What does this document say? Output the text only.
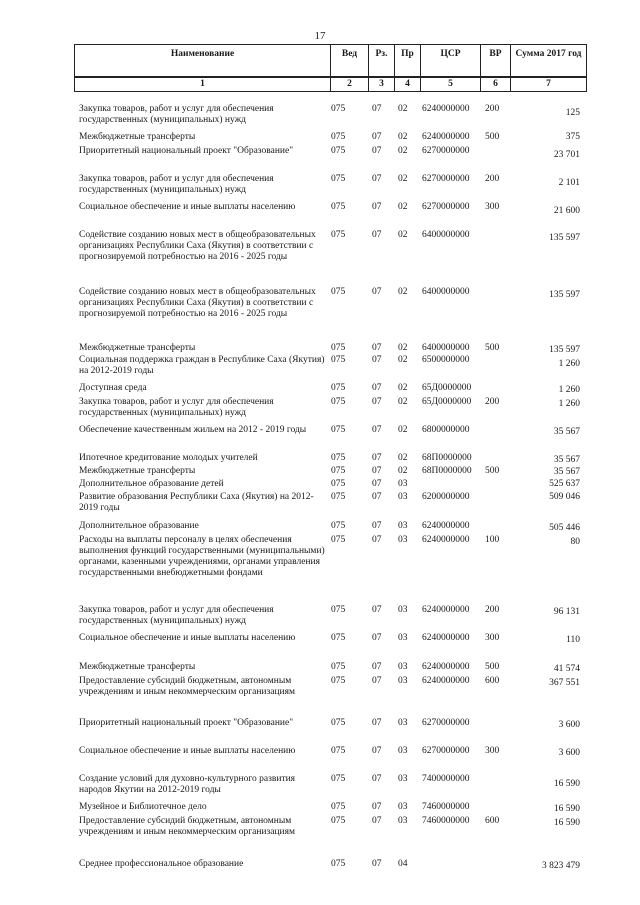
17
Наименование	Вед	Рз.	Пр	ЦСР	ВР	Сумма 2017 год
1	2	3	4	5	6	7
Закупка товаров, работ и услуг для обеспечения государственных (муниципальных) нужд
075	07 02 6240000000 200	125
Межбюджетные трансферты	075	07 02 6240000000 500	375
Приоритетный национальный проект "Образование"	075	07 02 6270000000	23 701
Закупка товаров, работ и услуг для обеспечения государственных (муниципальных) нужд
075	07 02 6270000000 200	2 101
Социальное обеспечение и иные выплаты населению	075	07 02 6270000000 300	21 600
Содействие созданию новых мест в общеобразовательных организациях Республики Саха (Якутия) в соответствии с прогнозируемой потребностью на 2016 - 2025 годы
075	07 02 6400000000	135 597
Содействие созданию новых мест в общеобразовательных организациях Республики Саха (Якутия) в соответствии с прогнозируемой потребностью на 2016 - 2025 годы
075	07 02 6400000000	135 597
Межбюджетные трансферты	075	07 02 6400000000 500	135 597
Социальная поддержка граждан в Республике Саха (Якутия) на 2012-2019 годы
075	07 02 6500000000	1 260
Доступная среда	075	07 02 65Д0000000	1 260
Закупка товаров, работ и услуг для обеспечения государственных (муниципальных) нужд
075	07 02 65Д0000000 200	1 260
Обеспечение качественным жильем на 2012 - 2019 годы	075	07 02 6800000000	35 567
Ипотечное кредитование молодых учителей	075	07 02 68П0000000	35 567
Межбюджетные трансферты	075	07 02 68П0000000 500	35 567
Дополнительное образование детей	075	07 03	525 637
Развитие образования Республики Саха (Якутия) на 2012-2019 годы
075	07 03 6200000000	509 046
Дополнительное образование	075	07 03 6240000000	505 446
Расходы на выплаты персоналу в целях обеспечения выполнения функций государственными (муниципальными) органами, казенными учреждениями, органами управления государственными внебюджетными фондами
075	07 03 6240000000 100	80
Закупка товаров, работ и услуг для обеспечения государственных (муниципальных) нужд
075	07 03 6240000000 200	96 131
Социальное обеспечение и иные выплаты населению	075	07 03 6240000000 300	110
Межбюджетные трансферты	075	07 03 6240000000 500	41 574
Предоставление субсидий бюджетным, автономным учреждениям и иным некоммерческим организациям
075	07 03 6240000000 600	367 551
Приоритетный национальный проект "Образование"	075	07 03 6270000000	3 600
Социальное обеспечение и иные выплаты населению	075	07 03 6270000000 300	3 600
Создание условий для духовно-культурного развития народов Якутии на 2012-2019 годы
075	07 03 7400000000	16 590
Музейное и Библиотечное дело	075	07 03 7460000000	16 590
Предоставление субсидий бюджетным, автономным учреждениям и иным некоммерческим организациям
075	07 03 7460000000 600	16 590
Среднее профессиональное образование	075	07 04	3 823 479
